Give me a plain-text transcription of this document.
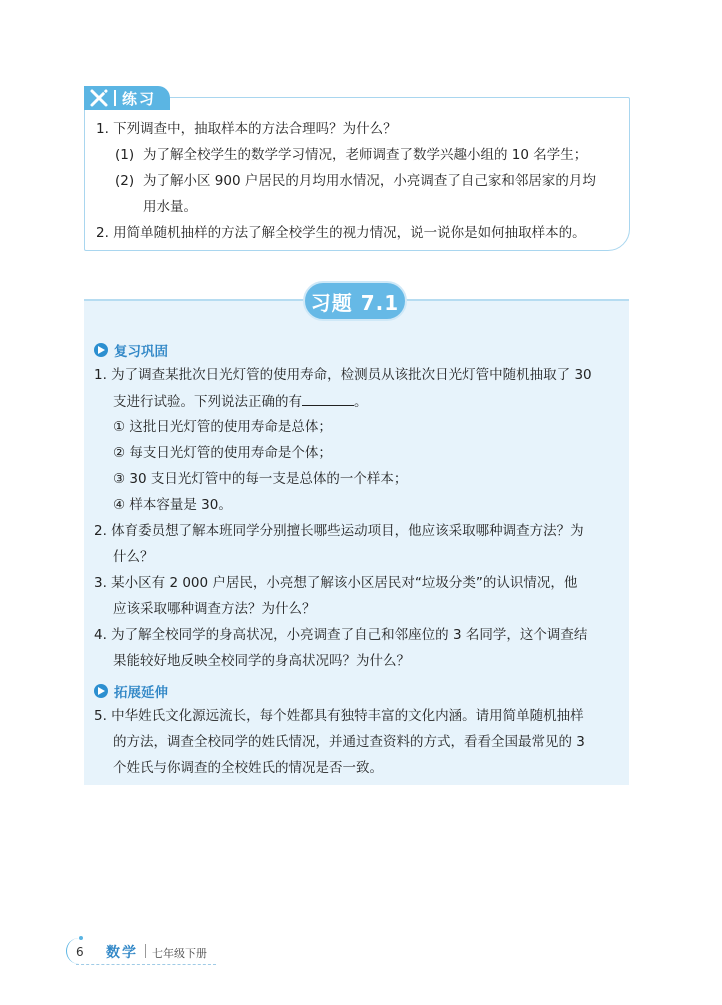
练习
1. 下列调查中，抽取样本的方法合理吗？为什么？
(1) 为了解全校学生的数学学习情况，老师调查了数学兴趣小组的 10 名学生；
(2) 为了解小区 900 户居民的月均用水情况，小亮调查了自己家和邻居家的月均
用水量。
2. 用简单随机抽样的方法了解全校学生的视力情况，说一说你是如何抽取样本的。
习题 7.1
复习巩固
1. 为了调查某批次日光灯管的使用寿命，检测员从该批次日光灯管中随机抽取了 30
支进行试验。下列说法正确的有	。
① 这批日光灯管的使用寿命是总体；
② 每支日光灯管的使用寿命是个体；
③ 30 支日光灯管中的每一支是总体的一个样本；
④ 样本容量是 30。
2. 体育委员想了解本班同学分别擅长哪些运动项目，他应该采取哪种调查方法？为
什么？
3. 某小区有 2 000 户居民，小亮想了解该小区居民对“垃圾分类”的认识情况，他
应该采取哪种调查方法？为什么？
4. 为了解全校同学的身高状况，小亮调查了自己和邻座位的 3 名同学，这个调查结
果能较好地反映全校同学的身高状况吗？为什么？
拓展延伸
5. 中华姓氏文化源远流长，每个姓都具有独特丰富的文化内涵。请用简单随机抽样
的方法，调查全校同学的姓氏情况，并通过查资料的方式，看看全国最常见的 3
个姓氏与你调查的全校姓氏的情况是否一致。
6 数学 七年级下册
